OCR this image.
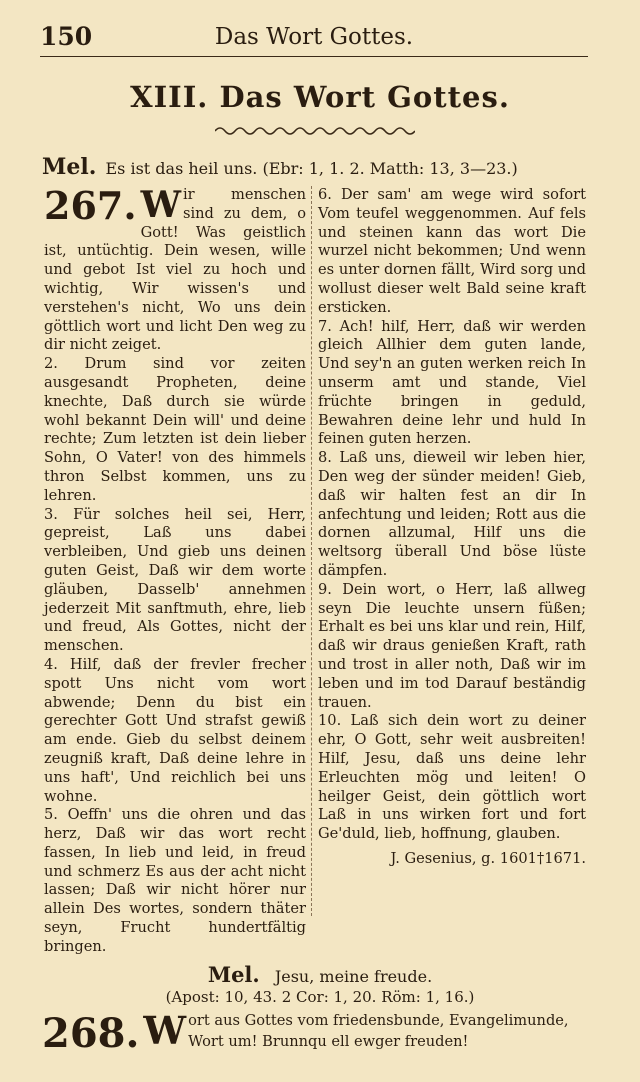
150	Das Wort Gottes.
XIII. Das Wort Gottes.
Mel. Es ist das heil uns. (Ebr: 1, 1. 2. Matth: 13, 3—23.)
267. W ir menschen sind zu dem, o Gott! Was geistlich ist, untüchtig. Dein wesen, wille und gebot Ist viel zu hoch und wichtig, Wir wissen's und verstehen's nicht, Wo uns dein göttlich wort und licht Den weg zu dir nicht zeiget.

2. Drum sind vor zeiten ausgesandt Propheten, deine knechte, Daß durch sie würde wohl bekannt Dein will' und deine rechte; Zum letzten ist dein lieber Sohn, O Vater! von des himmels thron Selbst kommen, uns zu lehren.

3. Für solches heil sei, Herr, gepreist, Laß uns dabei verbleiben, Und gieb uns deinen guten Geist, Daß wir dem worte gläuben, Dasselb' annehmen jederzeit Mit sanftmuth, ehre, lieb und freud, Als Gottes, nicht der menschen.

4. Hilf, daß der frevler frecher spott Uns nicht vom wort abwende; Denn du bist ein gerechter Gott Und strafst gewiß am ende. Gieb du selbst deinem zeugniß kraft, Daß deine lehre in uns haft', Und reichlich bei uns wohne.

5. Oeffn' uns die ohren und das herz, Daß wir das wort recht fassen, In lieb und leid, in freud und schmerz Es aus der acht nicht lassen; Daß wir nicht hörer nur allein Des wortes, sondern thäter seyn, Frucht hundertfältig bringen.

6. Der sam' am wege wird sofort Vom teufel weggenommen. Auf fels und steinen kann das wort Die wurzel nicht bekommen; Und wenn es unter dornen fällt, Wird sorg und wollust dieser welt Bald seine kraft ersticken.

7. Ach! hilf, Herr, daß wir werden gleich Allhier dem guten lande, Und sey'n an guten werken reich In unserm amt und stande, Viel früchte bringen in geduld, Bewahren deine lehr und huld In feinen guten herzen.

8. Laß uns, dieweil wir leben hier, Den weg der sünder meiden! Gieb, daß wir halten fest an dir In anfechtung und leiden; Rott aus die dornen allzumal, Hilf uns die weltsorg überall Und böse lüste dämpfen.

9. Dein wort, o Herr, laß allweg seyn Die leuchte unsern füßen; Erhalt es bei uns klar und rein, Hilf, daß wir draus genießen Kraft, rath und trost in aller noth, Daß wir im leben und im tod Darauf beständig trauen.

10. Laß sich dein wort zu deiner ehr, O Gott, sehr weit ausbreiten! Hilf, Jesu, daß uns deine lehr Erleuchten mög und leiten! O heilger Geist, dein göttlich wort Laß in uns wirken fort und fort Ge'duld, lieb, hoffnung, glauben.

J. Gesenius, g. 1601†1671.
Mel. Jesu, meine freude.
(Apost: 10, 43. 2 Cor: 1, 20. Röm: 1, 16.)
268. W ort aus Gottes vom friedensbunde, Evangelimunde, Wort um! Brunnqu ell ewger freuden!
